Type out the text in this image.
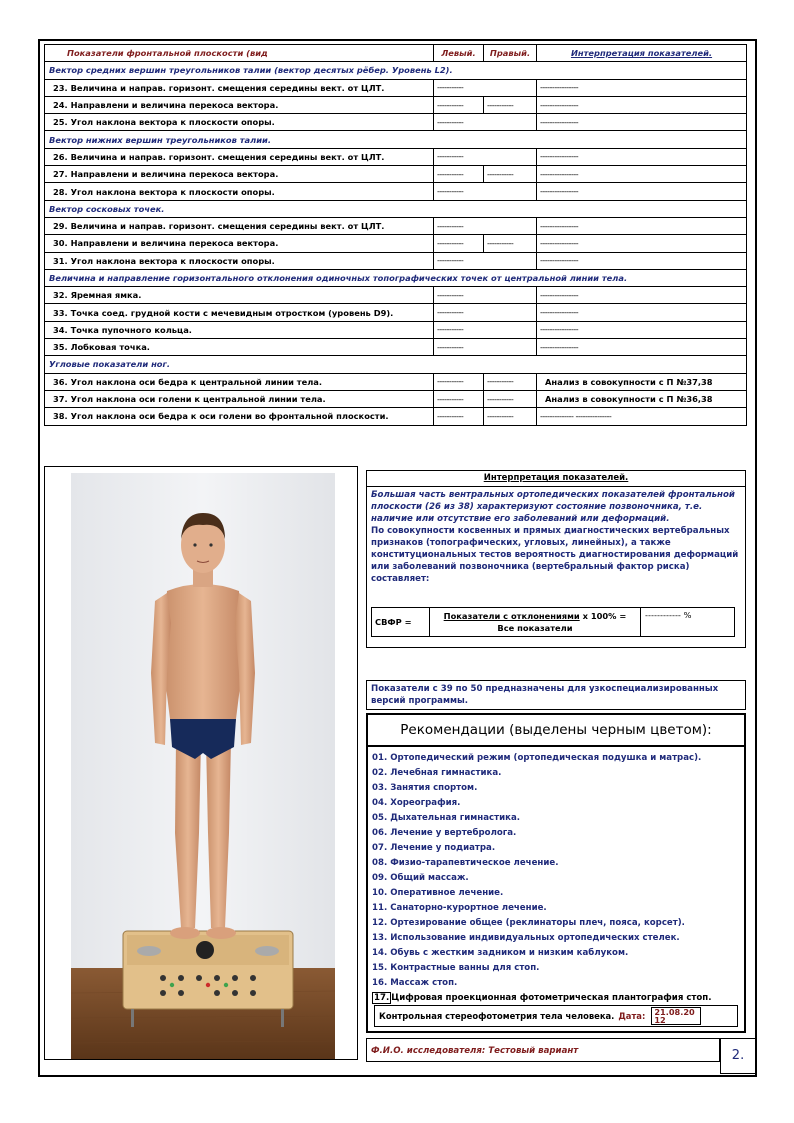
Показатели фронтальной плоскости (вид	Левый.	Правый.	Интерпретация показателей.
Вектор средних вершин треугольников талии (вектор десятых рёбер. Уровень L2).			
23. Величина и направ. горизонт. смещения середины вект. от ЦЛТ.	-----------		----------------
24. Направлени и величина перекоса вектора.	-----------	-----------	----------------
25. Угол наклона вектора к плоскости опоры.	-----------		----------------
Вектор нижних вершин треугольников талии.			
26. Величина и направ. горизонт. смещения середины вект. от ЦЛТ.	-----------		----------------
27. Направлени и величина перекоса вектора.	-----------	-----------	----------------
28. Угол наклона вектора к плоскости опоры.	-----------		----------------
Вектор сосковых точек.			
29. Величина и направ. горизонт. смещения середины вект. от ЦЛТ.	-----------		----------------
30. Направлени и величина перекоса вектора.	-----------	-----------	----------------
31. Угол наклона вектора к плоскости опоры.	-----------		----------------
Величина и направление горизонтального отклонения одиночных топографических точек от центральной линии тела.			
32. Яремная ямка.	-----------		----------------
33. Точка соед. грудной кости с мечевидным отростком (уровень D9).	-----------		----------------
34. Точка пупочного кольца.	-----------		----------------
35. Лобковая точка.	-----------		----------------
Угловые показатели ног.			
36. Угол наклона оси бедра к центральной линии тела.	-----------	-----------	Анализ в совокупности с П №37,38
37. Угол наклона оси голени к центральной линии тела.	-----------	-----------	Анализ в совокупности с П №36,38
38. Угол наклона оси бедра к оси голени во фронтальной плоскости.	-----------	-----------	-------------- ---------------
Интерпретация показателей.
Большая часть вентральных ортопедических показателей фронтальной плоскости (26 из 38) характеризуют состояние позвоночника, т.е. наличие или отсутствие его заболеваний или деформаций.
По совокупности косвенных и прямых диагностических вертебральных признаков (топографических, угловых, линейных), а также конституциональных тестов вероятность диагностирования деформаций или заболеваний позвоночника (вертебральный фактор риска) составляет:
СВФР =
Показатели с отклонениями х 100% =
Все показатели
------------ %
Показатели с 39 по 50 предназначены для узкоспециализированных версий программы.
Рекомендации (выделены черным цветом):
01. Ортопедический режим (ортопедическая подушка и матрас).
02. Лечебная гимнастика.
03. Занятия спортом.
04. Хореография.
05. Дыхательная гимнастика.
06. Лечение у вертебролога.
07. Лечение у подиатра.
08. Физио-тарапевтическое лечение.
09. Общий массаж.
10. Оперативное лечение.
11. Санаторно-курортное лечение.
12. Ортезирование общее (реклинаторы плеч, пояса, корсет).
13. Использование индивидуальных ортопедических стелек.
14. Обувь с жестким задником и низким каблуком.
15. Контрастные ванны для стоп.
16. Массаж стоп.
17. Цифровая проекционная фотометрическая плантография стоп.
Контрольная стереофотометрия тела человека. Дата:	21.08.2012
Ф.И.О. исследователя: Тестовый вариант	2.
